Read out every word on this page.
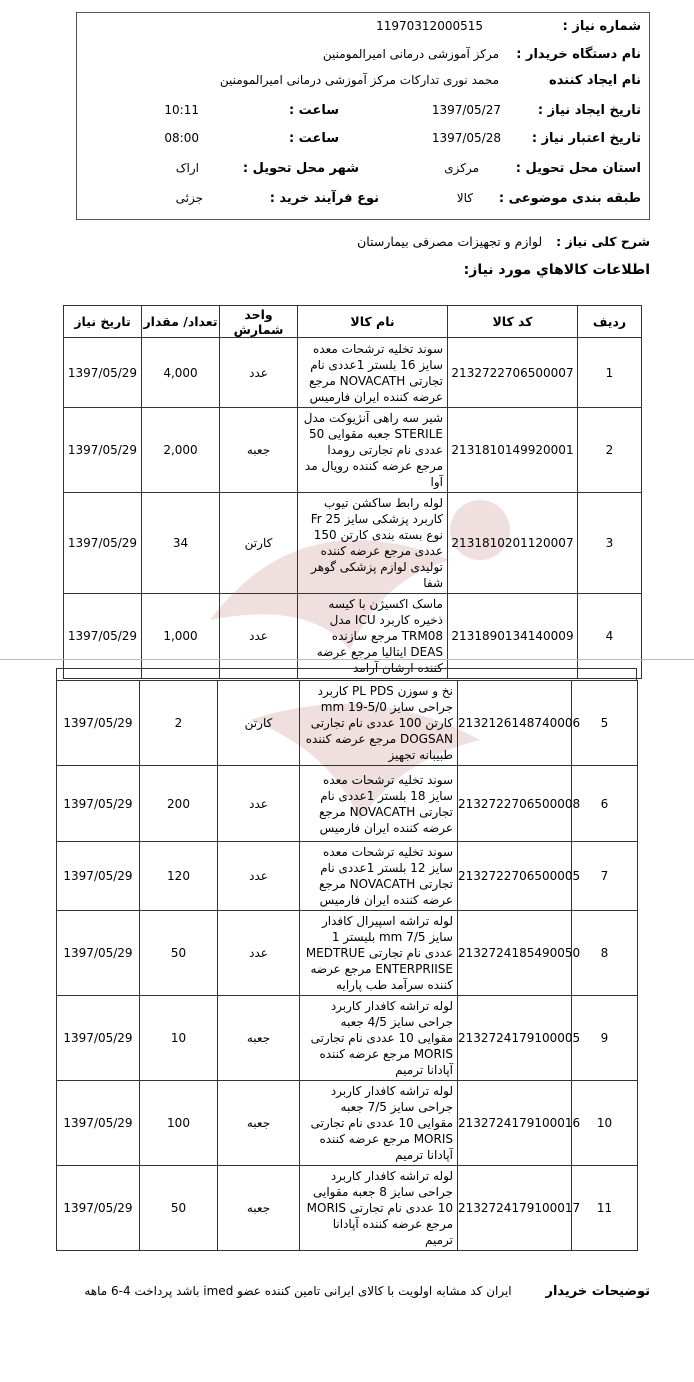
شماره نیاز :
11970312000515
نام دستگاه خریدار :
مرکز آموزشی درمانی امیرالمومنین
نام ایجاد کننده
محمد نوری تداركات مركز آموزشی درمانی امیرالمومنین
تاریخ ایجاد نیاز :
1397/05/27
ساعت :
10:11
تاریخ اعتبار نیاز :
1397/05/28
ساعت :
08:00
استان محل تحویل :
مرکزی
شهر محل تحویل :
اراک
طبقه بندی موضوعی :
کالا
نوع فرآیند خرید :
جزئی
شرح کلی نیاز : لوازم و تجهیزات مصرفی بیمارستان
اطلاعات کالاهاي مورد نیاز:
ردیف	کد کالا	نام کالا	واحد شمارش	تعداد/ مقدار	تاریخ نیاز
1	2132722706500007	سوند تخلیه ترشحات معده سایز 16 بلستر 1عددی نام تجارتی NOVACATH مرجع عرضه کننده ایران فارمیس	عدد	4,000	1397/05/29
2	2131810149920001	شیر سه راهی آنژیوکت مدل STERILE جعبه مقوایی 50 عددی نام تجارتی رومدا مرجع عرضه کننده رویال مد آوا	جعبه	2,000	1397/05/29
3	2131810201120007	لوله رابط ساکشن تیوب کاربرد پزشکی سایز Fr 25 نوع بسته بندی کارتن 150 عددی مرجع عرضه کننده تولیدی لوازم پزشکی گوهر شفا	کارتن	34	1397/05/29
4	2131890134140009	ماسک اکسیژن با کیسه ذخیره کاربرد ICU مدل TRM08 مرجع سازنده DEAS ایتالیا مرجع عرضه کننده ارشان آرامد	عدد	1,000	1397/05/29
5	2132126148740006	نخ و سوزن PL PDS کاربرد جراحی سایز mm 19-5/0 کارتن 100 عددی نام تجارتی DOGSAN مرجع عرضه کننده طبیبانه تجهیز	کارتن	2	1397/05/29
6	2132722706500008	سوند تخلیه ترشحات معده سایز 18 بلستر 1عددی نام تجارتی NOVACATH مرجع عرضه کننده ایران فارمیس	عدد	200	1397/05/29
7	2132722706500005	سوند تخلیه ترشحات معده سایز 12 بلستر 1عددی نام تجارتی NOVACATH مرجع عرضه کننده ایران فارمیس	عدد	120	1397/05/29
8	2132724185490050	لوله تراشه اسپیرال کافدار سایز mm 7/5 بلیستر 1 عددی نام تجارتی MEDTRUE ENTERPRIISE مرجع عرضه کننده سرآمد طب پارایه	عدد	50	1397/05/29
9	2132724179100005	لوله تراشه کافدار کاربرد جراحی سایز 4/5 جعبه مقوایی 10 عددی نام تجارتی MORIS مرجع عرضه کننده آپادانا ترمیم	جعبه	10	1397/05/29
10	2132724179100016	لوله تراشه کافدار کاربرد جراحی سایز 7/5 جعبه مقوایی 10 عددی نام تجارتی MORIS مرجع عرضه کننده آپادانا ترمیم	جعبه	100	1397/05/29
11	2132724179100017	لوله تراشه کافدار کاربرد جراحی سایز 8 جعبه مقوایی 10 عددی نام تجارتی MORIS مرجع عرضه کننده آپادانا ترمیم	جعبه	50	1397/05/29
توضیحات خریدار ایران کد مشابه اولویت با کالای ایرانی تامین کننده عضو imed باشد پرداخت 4-6 ماهه
